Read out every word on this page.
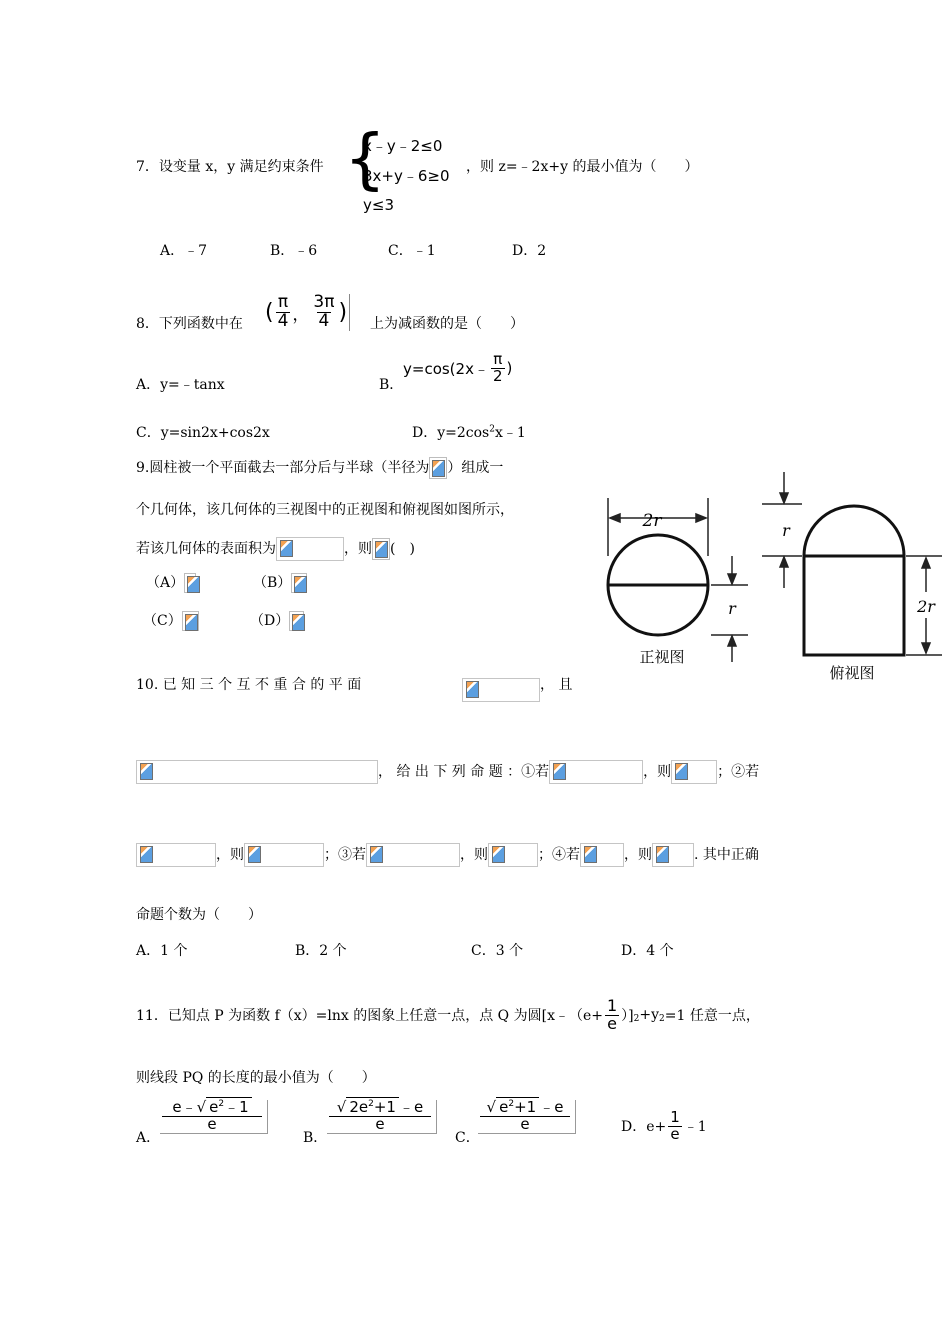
7．设变量 x，y 满足约束条件 {
x﹣y﹣2≤0
3x+y﹣6≥0
y≤3
，则 z=﹣2x+y 的最小值为（　　）
A．﹣7	B．﹣6	C．﹣1	D．2
8．下列函数中在 ( $\frac{\pi}{4}$ ， $\frac{3\pi}{4}$ ) 上为减函数的是（　　）
A．y=﹣tanx	B．
y=cos(2x﹣ $\frac{\pi}{2}$ )
C．y=sin2x+cos2x	D．$y=2\cos^2x﹣1$
9.圆柱被一个平面截去一部分后与半球（半径为 ）组成一
个几何体，该几何体的三视图中的正视图和俯视图如图所示，
若该几何体的表面积为	，则 (　)
（A）	（B）
（C）	（D）
2r
r
正视图
r
2r
俯视图
10. 已 知 三 个 互 不 重 合 的 平 面	， 且
， 给 出 下 列 命 题 ：①若	，则	；②若
，则	；③若	，则	；④若	，则	. 其中正确
命题个数为（　　）
A．1 个	B．2 个	C．3 个	D．4 个
11．已知点 P 为函数 f（x）=lnx 的图象上任意一点，点 Q 为圆[x﹣（e+ $\frac{1}{e} )]_2 +y_2 =1$ 任意一点，
则线段 PQ 的长度的最小值为（　　）
A．
$\frac{e﹣√ e^2﹣1}{e}$
B．
$\frac{√ 2e^2+1 ﹣e}{e}$
C．
$\frac{√ e^2+1 ﹣e}{e}$	D．$e+ \frac{1}{e}$ ﹣1
